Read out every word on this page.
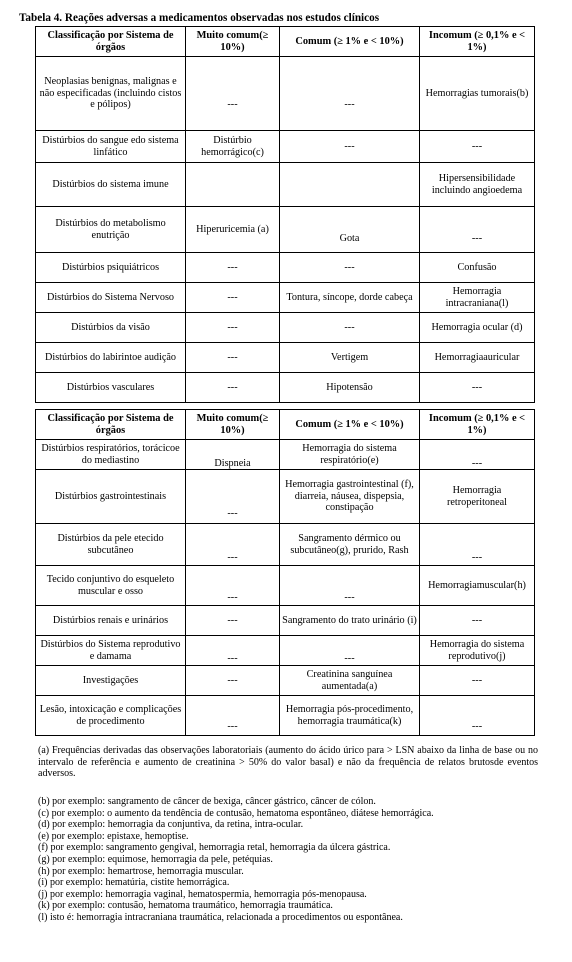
Tabela 4. Reações adversas a medicamentos observadas nos estudos clínicos
Classificação por Sistema de órgãos	Muito comum(≥ 10%)	Comum (≥ 1% e < 10%)	Incomum (≥ 0,1% e < 1%)
Neoplasias benignas, malignas e não especificadas (incluindo cistos e pólipos)	---	---	Hemorragias tumorais(b)
Distúrbios do sangue edo sistema linfático	Distúrbio hemorrágico(c)	---	---
Distúrbios do sistema imune			Hipersensibilidade incluindo angioedema
Distúrbios do metabolismo enutrição	Hiperuricemia (a)	Gota	---
Distúrbios psiquiátricos	---	---	Confusão
Distúrbios do Sistema Nervoso	---	Tontura, síncope, dorde cabeça	Hemorragia intracraniana(l)
Distúrbios da visão	---	---	Hemorragia ocular (d)
Distúrbios do labirintoe audição	---	Vertigem	Hemorragiaauricular
Distúrbios vasculares	---	Hipotensão	---
Classificação por Sistema de órgãos	Muito comum(≥ 10%)	Comum (≥ 1% e < 10%)	Incomum (≥ 0,1% e < 1%)
Distúrbios respiratórios, torácicoe do mediastino	Dispneia	Hemorragia do sistema respiratório(e)	---
Distúrbios gastrointestinais	---	Hemorragia gastrointestinal (f), diarreia, náusea, dispepsia, constipação	Hemorragia retroperitoneal
Distúrbios da pele etecido subcutâneo	---	Sangramento dérmico ou subcutâneo(g), prurido, Rash	---
Tecido conjuntivo do esqueleto muscular e osso	---	---	Hemorragiamuscular(h)
Distúrbios renais e urinários	---	Sangramento do trato urinário (i)	---
Distúrbios do Sistema reprodutivo e damama	---	---	Hemorragia do sistema reprodutivo(j)
Investigações	---	Creatinina sanguínea aumentada(a)	---
Lesão, intoxicação e complicações de procedimento	---	Hemorragia pós-procedimento, hemorragia traumática(k)	---

(a) Frequências derivadas das observações laboratoriais (aumento do ácido úrico para > LSN abaixo da linha de base ou no intervalo de referência e aumento de creatinina > 50% do valor basal) e não da frequência de relatos brutosde eventos adversos.

(b) por exemplo: sangramento de câncer de bexiga, câncer gástrico, câncer de cólon.

(c) por exemplo: o aumento da tendência de contusão, hematoma espontâneo, diátese hemorrágica.

(d) por exemplo: hemorragia da conjuntiva, da retina, intra-ocular.

(e) por exemplo: epistaxe, hemoptise.

(f) por exemplo: sangramento gengival, hemorragia retal, hemorragia da úlcera gástrica.

(g) por exemplo: equimose, hemorragia da pele, petéquias.

(h) por exemplo: hemartrose, hemorragia muscular.

(i) por exemplo: hematúria, cistite hemorrágica.

(j) por exemplo: hemorragia vaginal, hematospermia, hemorragia pós-menopausa.

(k) por exemplo: contusão, hematoma traumático, hemorragia traumática.

(l) isto é: hemorragia intracraniana traumática, relacionada a procedimentos ou espontânea.
